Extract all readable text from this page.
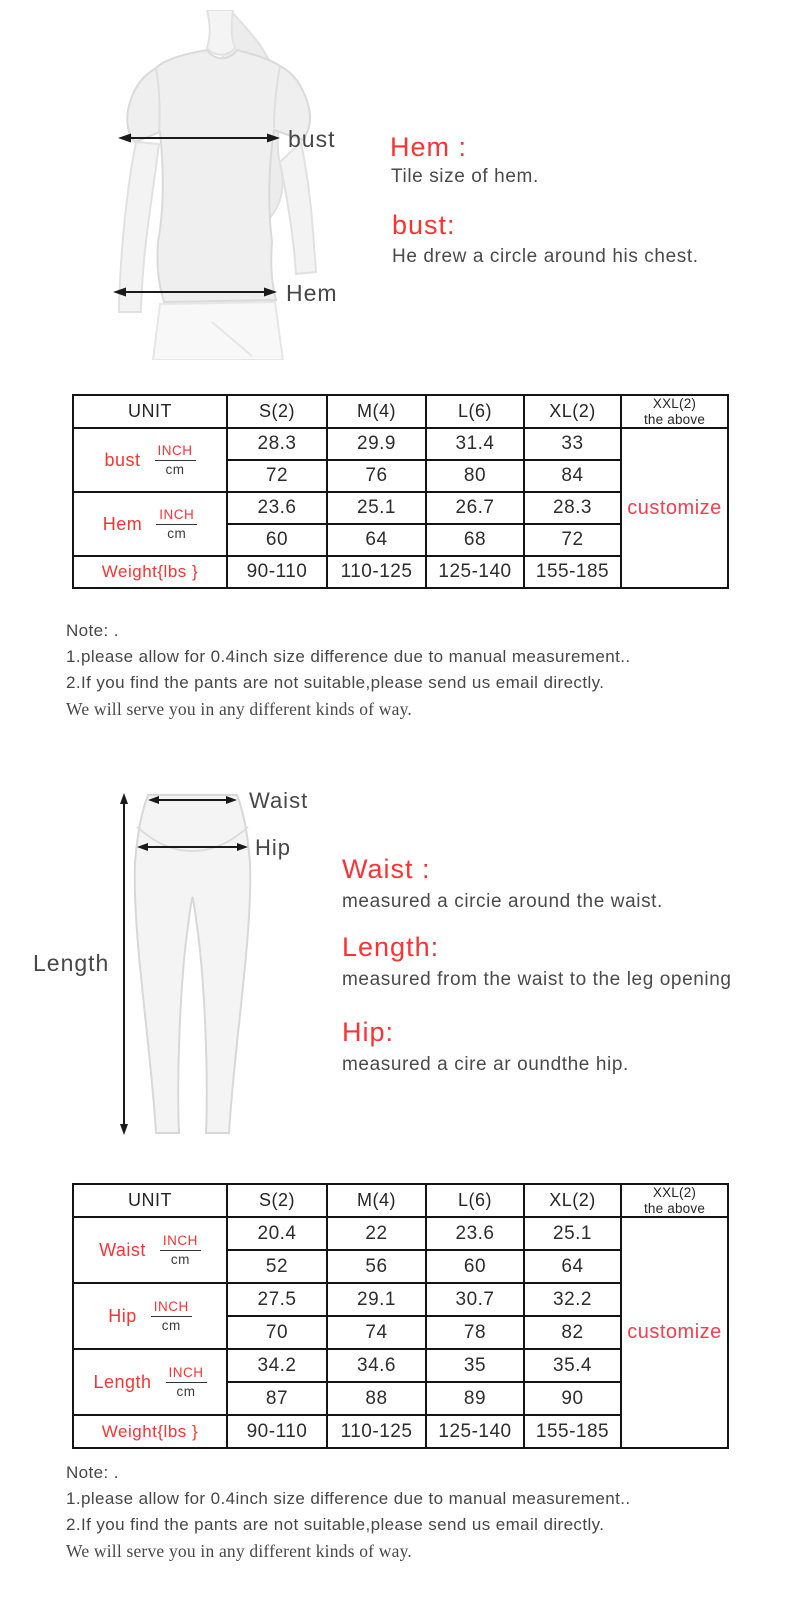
bust
Hem
Hem :
Tile size of hem.
bust:
He drew a circle around his chest.
UNIT	S(2)	M(4)	L(6)	XL(2)	XXL(2)
the above

bust $\frac{\text{INCH}}{cm}$	28.3	29.9	31.4	33	customize
	72	76	80	84	

Hem $\frac{\text{INCH}}{cm}$	23.6	25.1	26.7	28.3	
	60	64	68	72	
Weight{lbs }	90-110	110-125	125-140	155-185	
Note: .
1.please allow for 0.4inch size difference due to manual measurement..
2.If you find the pants are not suitable,please send us email directly.
We will serve you in any different kinds of way.
Waist
Hip
Length
Waist :
measured a circie around the waist.
Length:
measured from the waist to the leg opening
Hip:
measured a cire ar oundthe hip.
UNIT	S(2)	M(4)	L(6)	XL(2)	XXL(2)
the above

Waist $\frac{\text{INCH}}{cm}$	20.4	22	23.6	25.1	customize
	52	56	60	64	

Hip $\frac{\text{INCH}}{cm}$	27.5	29.1	30.7	32.2	
	70	74	78	82	

Length $\frac{\text{INCH}}{cm}$	34.2	34.6	35	35.4	
	87	88	89	90	
Weight{lbs }	90-110	110-125	125-140	155-185	
Note: .
1.please allow for 0.4inch size difference due to manual measurement..
2.If you find the pants are not suitable,please send us email directly.
We will serve you in any different kinds of way.
